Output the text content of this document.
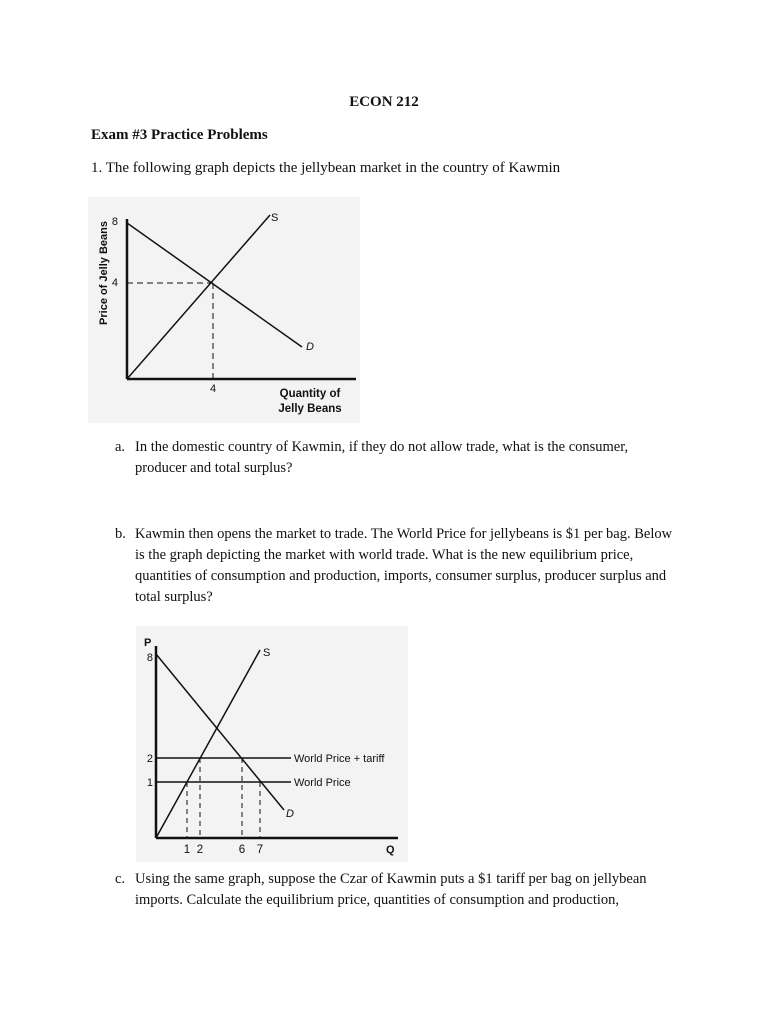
ECON 212
Exam #3 Practice Problems
1. The following graph depicts the jellybean market in the country of Kawmin
8
4
4
S
D
Price of Jelly Beans
Quantity of
Jelly Beans
a. In the domestic country of Kawmin, if they do not allow trade, what is the consumer, producer and total surplus?
b. Kawmin then opens the market to trade. The World Price for jellybeans is $1 per bag. Below is the graph depicting the market with world trade. What is the new equilibrium price, quantities of consumption and production, imports, consumer surplus, producer surplus and total surplus?
P
8
2
1
1 2	6 7	Q
S
D
World Price + tariff
World Price
c. Using the same graph, suppose the Czar of Kawmin puts a $1 tariff per bag on jellybean imports. Calculate the equilibrium price, quantities of consumption and production,
